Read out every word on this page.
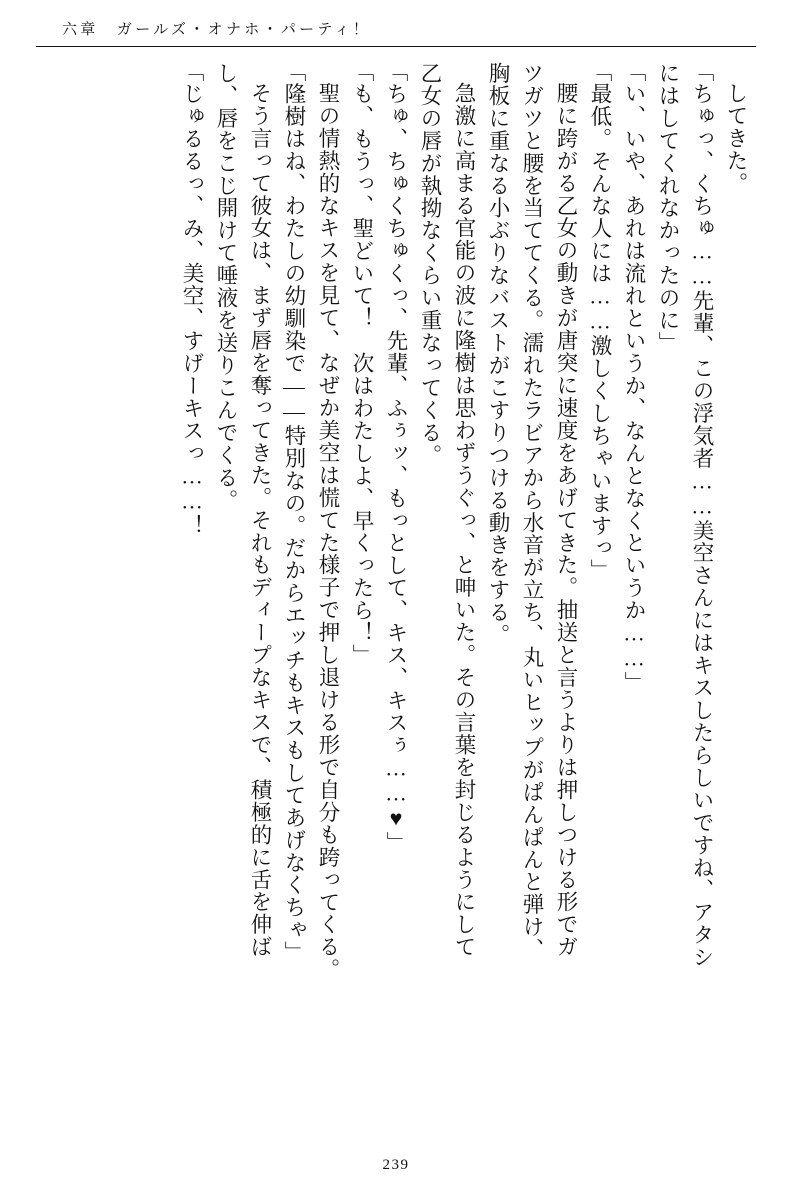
六章　ガールズ・オナホ・パーティ！
してきた。
「ちゅっ、くちゅ……先輩、この浮気者……美空さんにはキスしたらしいですね、アタシ
にはしてくれなかったのに」
「い、いや、あれは流れというか、なんとなくというか……」
「最低。そんな人には……激しくしちゃいますっ」
腰に跨がる乙女の動きが唐突に速度をあげてきた。抽送と言うよりは押しつける形でガ
ツガツと腰を当ててくる。濡れたラビアから水音が立ち、丸いヒップがぱんぱんと弾け、
胸板に重なる小ぶりなバストがこすりつける動きをする。
急激に高まる官能の波に隆樹は思わずうぐっ、と呻いた。その言葉を封じるようにして
乙女の唇が執拗なくらい重なってくる。
「ちゅ、ちゅくちゅくっ、先輩、ふぅッ、もっとして、キス、キスぅ……♥」
「も、もうっ、聖どいて！　次はわたしよ、早くったら！」
聖の情熱的なキスを見て、なぜか美空は慌てた様子で押し退ける形で自分も跨ってくる。
「隆樹はね、わたしの幼馴染で――特別なの。だからエッチもキスもしてあげなくちゃ」
そう言って彼女は、まず唇を奪ってきた。それもディープなキスで、積極的に舌を伸ば
し、唇をこじ開けて唾液を送りこんでくる。
「じゅるるっ、み、美空、すげーキスっ……！
239
